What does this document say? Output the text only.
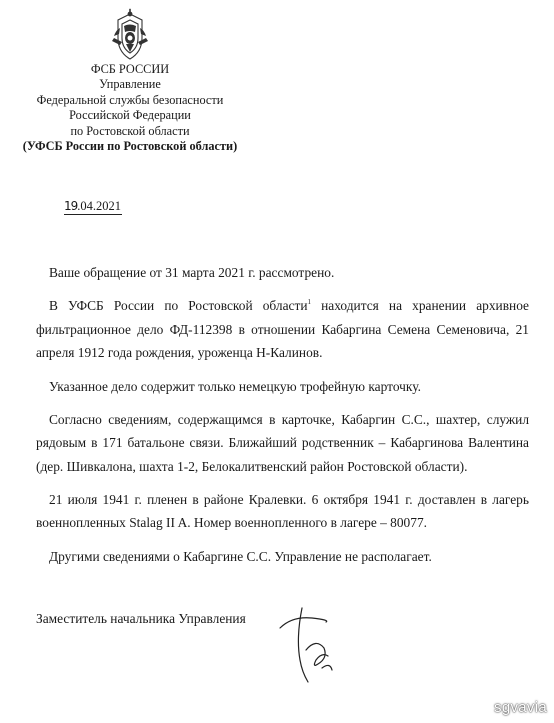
ФСБ РОССИИ
Управление
Федеральной службы безопасности
Российской Федерации
по Ростовской области
(УФСБ России по Ростовской области)
19.04.2021

Ваше обращение от 31 марта 2021 г. рассмотрено.

В УФСБ России по Ростовской области$^1$ находится на хранении архивное фильтрационное дело ФД-112398 в отношении Кабаргина Семена Семеновича, 21 апреля 1912 года рождения, уроженца Н-Калинов.

Указанное дело содержит только немецкую трофейную карточку.

Согласно сведениям, содержащимся в карточке, Кабаргин С.С., шахтер, служил рядовым в 171 батальоне связи. Ближайший родственник – Кабаргинова Валентина (дер. Шивкалона, шахта 1-2, Белокалитвенский район Ростовской области).

21 июля 1941 г. пленен в районе Кралевки. 6 октября 1941 г. доставлен в лагерь военнопленных Stalag II A. Номер военнопленного в лагере – 80077.

Другими сведениями о Кабаргине С.С. Управление не располагает.

Заместитель начальника Управления
sgvavia
